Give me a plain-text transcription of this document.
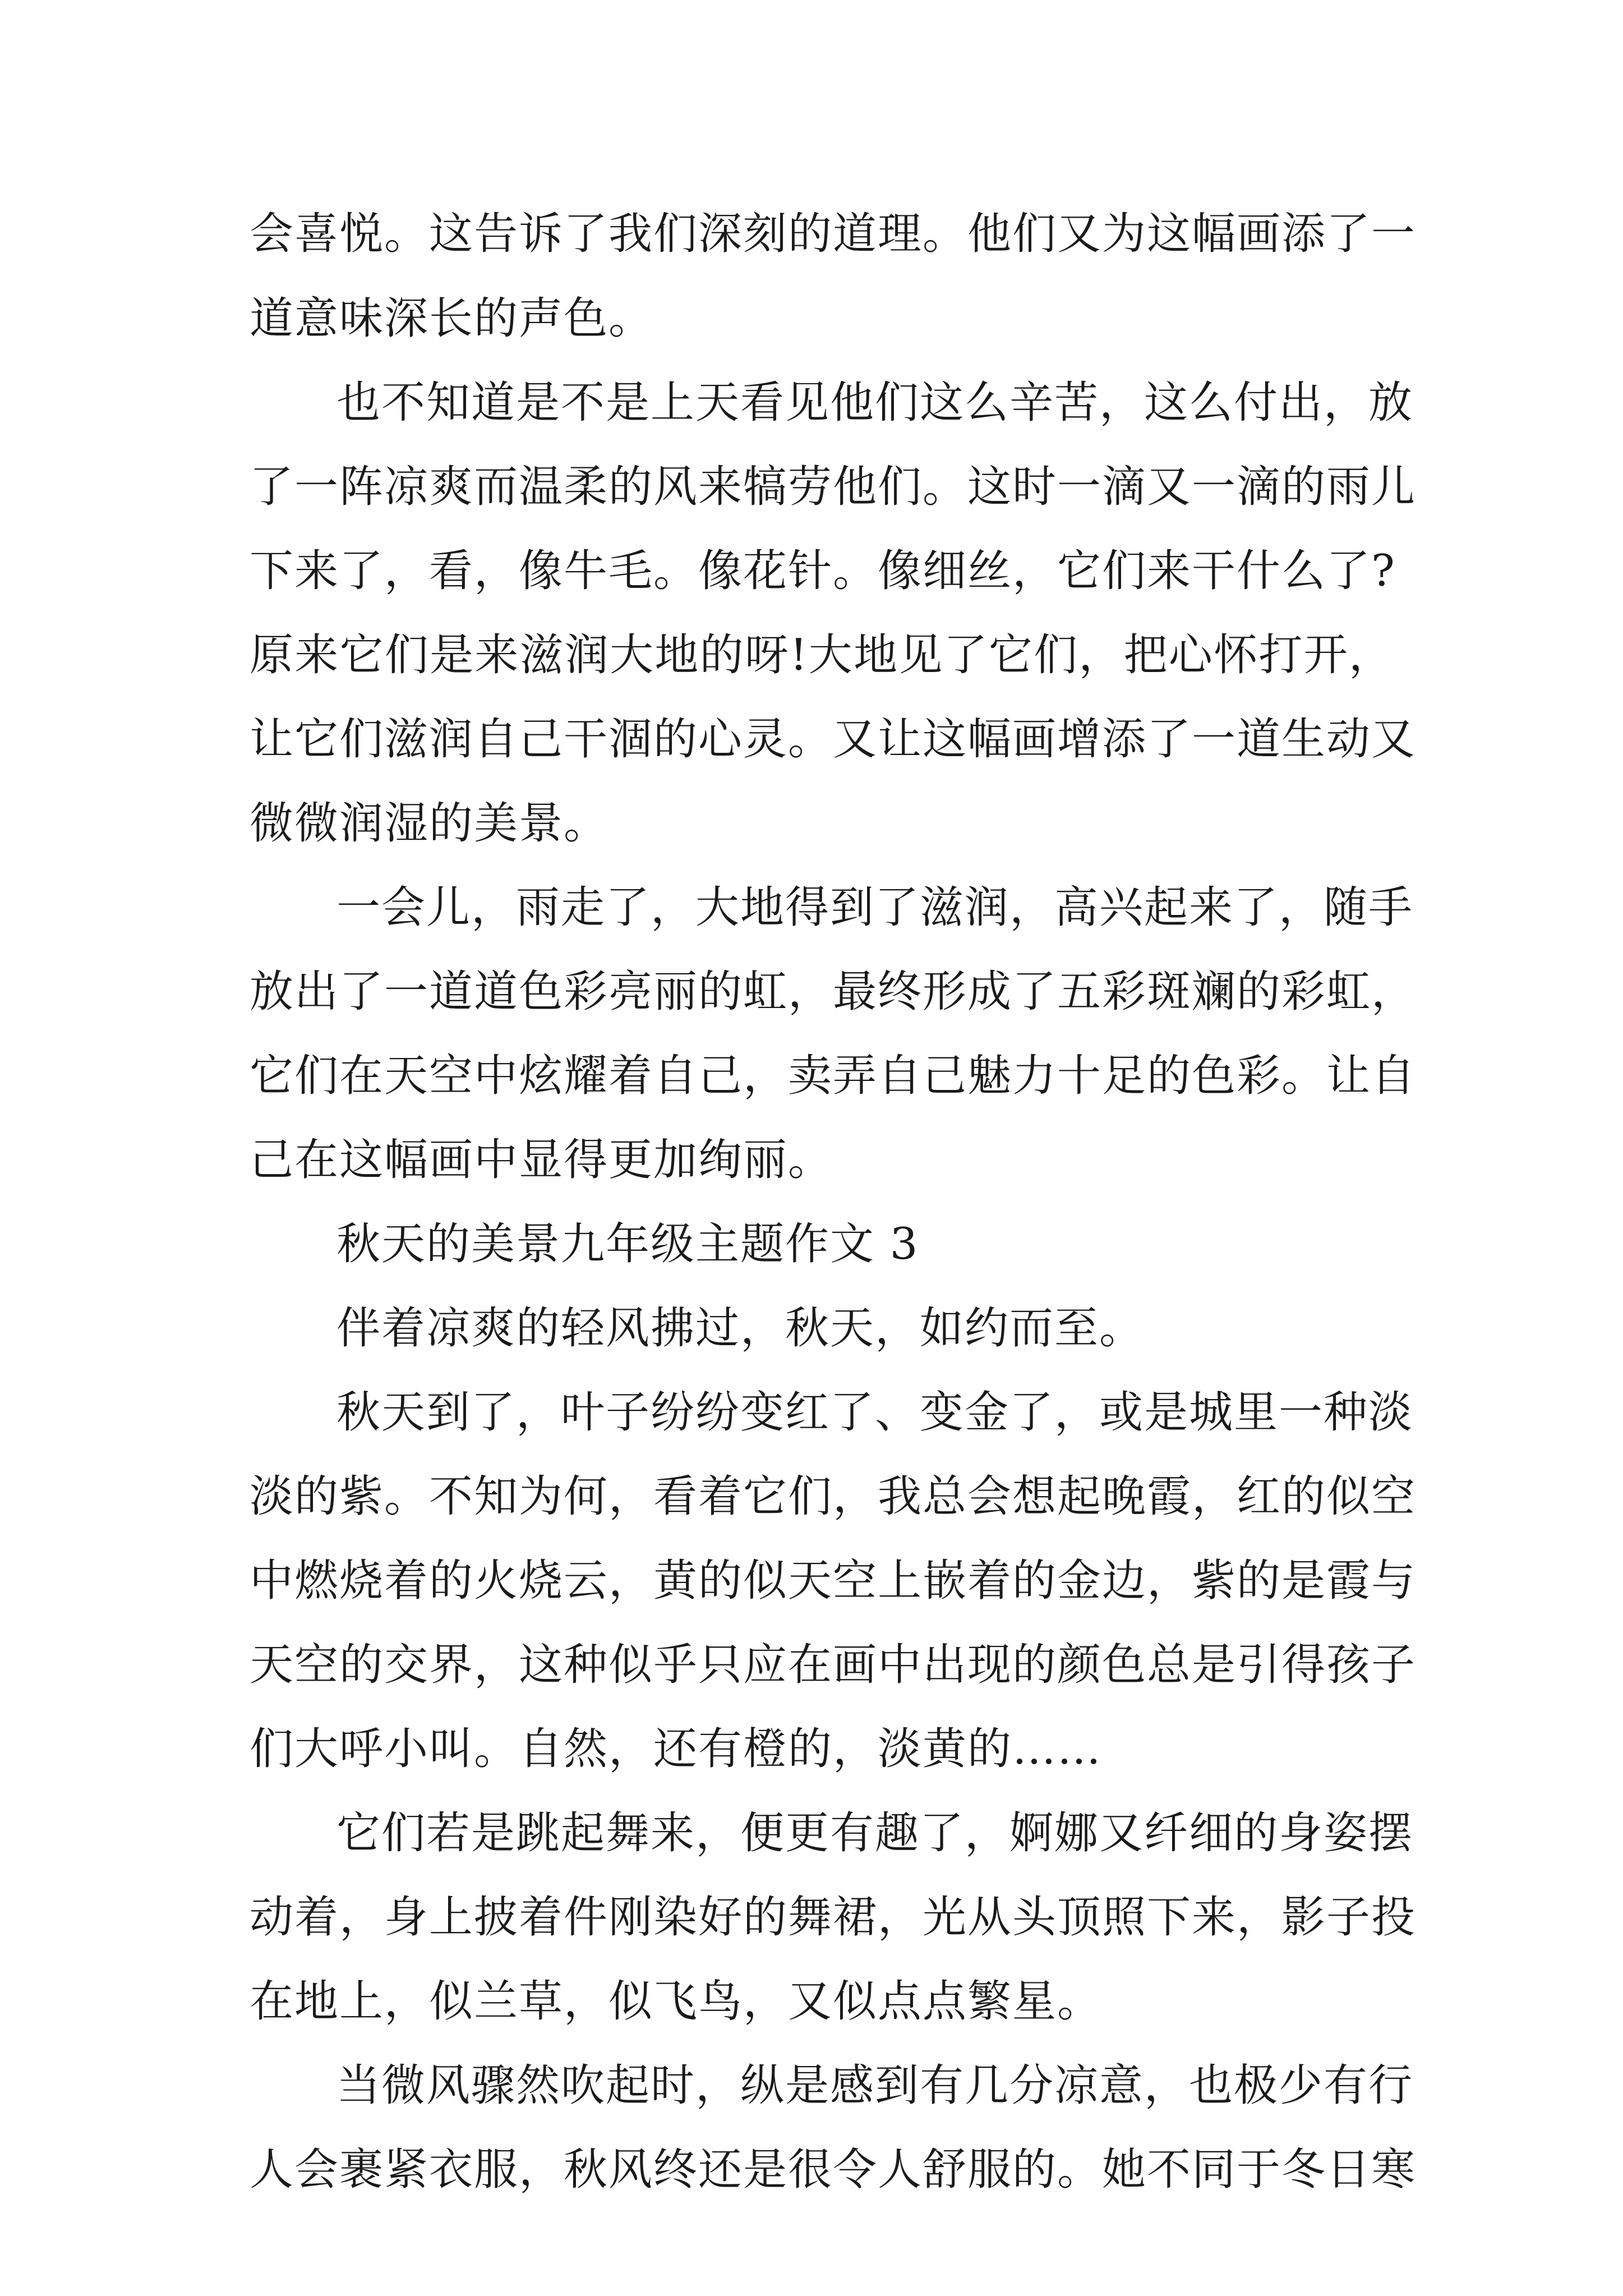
会喜悦。这告诉了我们深刻的道理。他们又为这幅画添了一
道意味深长的声色。
也不知道是不是上天看见他们这么辛苦，这么付出，放
了一阵凉爽而温柔的风来犒劳他们。这时一滴又一滴的雨儿
下来了，看，像牛毛。像花针。像细丝，它们来干什么了?
原来它们是来滋润大地的呀!大地见了它们，把心怀打开，
让它们滋润自己干涸的心灵。又让这幅画增添了一道生动又
微微润湿的美景。
一会儿，雨走了，大地得到了滋润，高兴起来了，随手
放出了一道道色彩亮丽的虹，最终形成了五彩斑斓的彩虹，
它们在天空中炫耀着自己，卖弄自己魅力十足的色彩。让自
己在这幅画中显得更加绚丽。
秋天的美景九年级主题作文 3
伴着凉爽的轻风拂过，秋天，如约而至。
秋天到了，叶子纷纷变红了、变金了，或是城里一种淡
淡的紫。不知为何，看着它们，我总会想起晚霞，红的似空
中燃烧着的火烧云，黄的似天空上嵌着的金边，紫的是霞与
天空的交界，这种似乎只应在画中出现的颜色总是引得孩子
们大呼小叫。自然，还有橙的，淡黄的……
它们若是跳起舞来，便更有趣了，婀娜又纤细的身姿摆
动着，身上披着件刚染好的舞裙，光从头顶照下来，影子投
在地上，似兰草，似飞鸟，又似点点繁星。
当微风骤然吹起时，纵是感到有几分凉意，也极少有行
人会裹紧衣服，秋风终还是很令人舒服的。她不同于冬日寒
